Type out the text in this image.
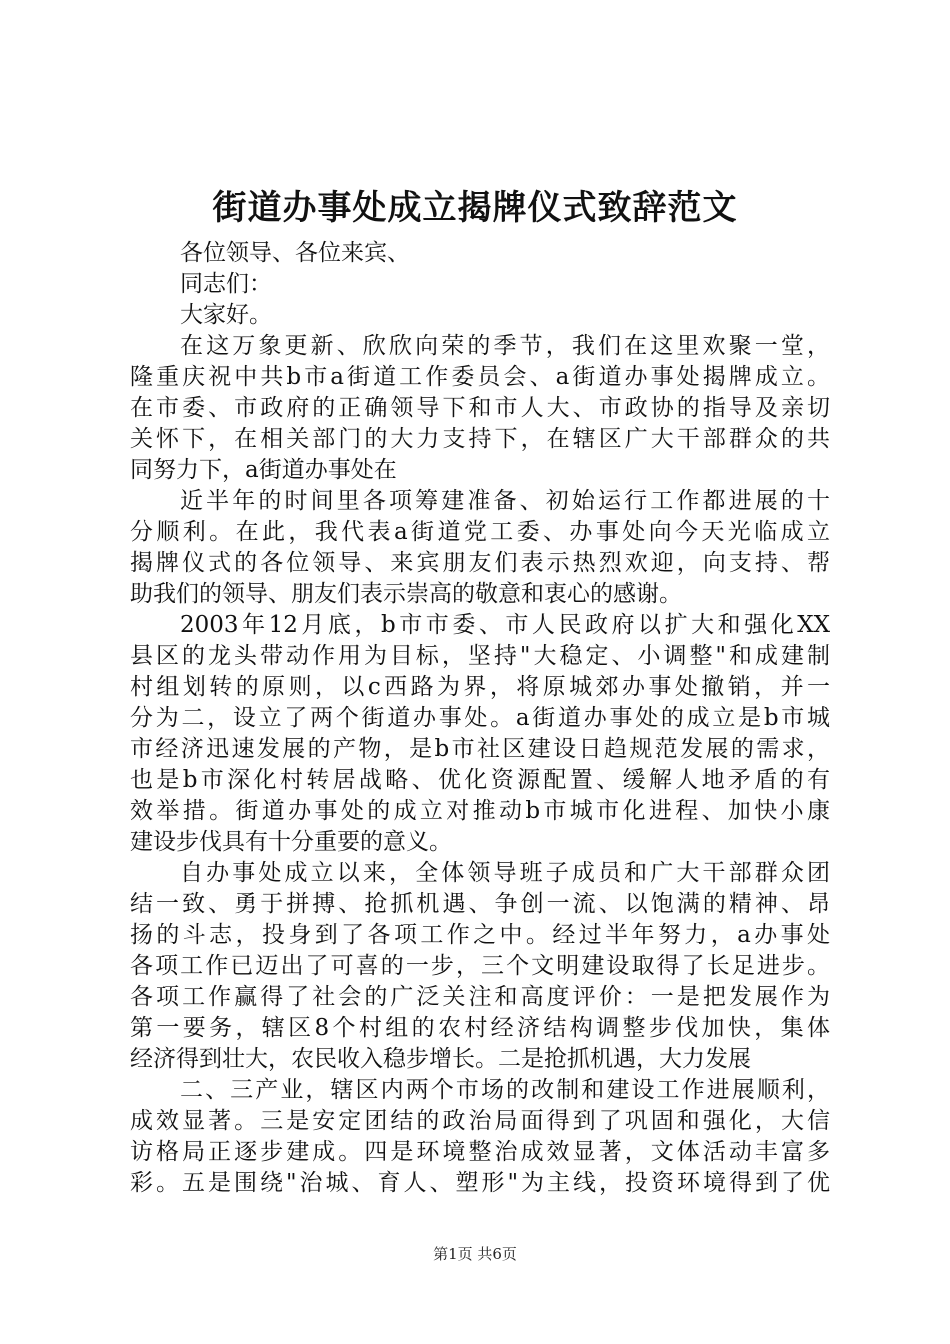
街道办事处成立揭牌仪式致辞范文

各位领导、各位来宾、

同志们：

大家好。

在这万象更新、欣欣向荣的季节，我们在这里欢聚一堂，

隆重庆祝中共b市a街道工作委员会、a街道办事处揭牌成立。

在市委、市政府的正确领导下和市人大、市政协的指导及亲切

关怀下，在相关部门的大力支持下，在辖区广大干部群众的共

同努力下，a街道办事处在

近半年的时间里各项筹建准备、初始运行工作都进展的十

分顺利。在此，我代表a街道党工委、办事处向今天光临成立

揭牌仪式的各位领导、来宾朋友们表示热烈欢迎，向支持、帮

助我们的领导、朋友们表示崇高的敬意和衷心的感谢。

2003年12月底，b市市委、市人民政府以扩大和强化XX

县区的龙头带动作用为目标，坚持"大稳定、小调整"和成建制

村组划转的原则，以c西路为界，将原城郊办事处撤销，并一

分为二，设立了两个街道办事处。a街道办事处的成立是b市城

市经济迅速发展的产物，是b市社区建设日趋规范发展的需求，

也是b市深化村转居战略、优化资源配置、缓解人地矛盾的有

效举措。街道办事处的成立对推动b市城市化进程、加快小康

建设步伐具有十分重要的意义。

自办事处成立以来，全体领导班子成员和广大干部群众团

结一致、勇于拼搏、抢抓机遇、争创一流、以饱满的精神、昂

扬的斗志，投身到了各项工作之中。经过半年努力，a办事处

各项工作已迈出了可喜的一步，三个文明建设取得了长足进步。

各项工作赢得了社会的广泛关注和高度评价：一是把发展作为

第一要务，辖区8个村组的农村经济结构调整步伐加快，集体

经济得到壮大，农民收入稳步增长。二是抢抓机遇，大力发展

二、三产业，辖区内两个市场的改制和建设工作进展顺利，

成效显著。三是安定团结的政治局面得到了巩固和强化，大信

访格局正逐步建成。四是环境整治成效显著，文体活动丰富多

彩。五是围绕"治城、育人、塑形"为主线，投资环境得到了优

第1页 共6页
